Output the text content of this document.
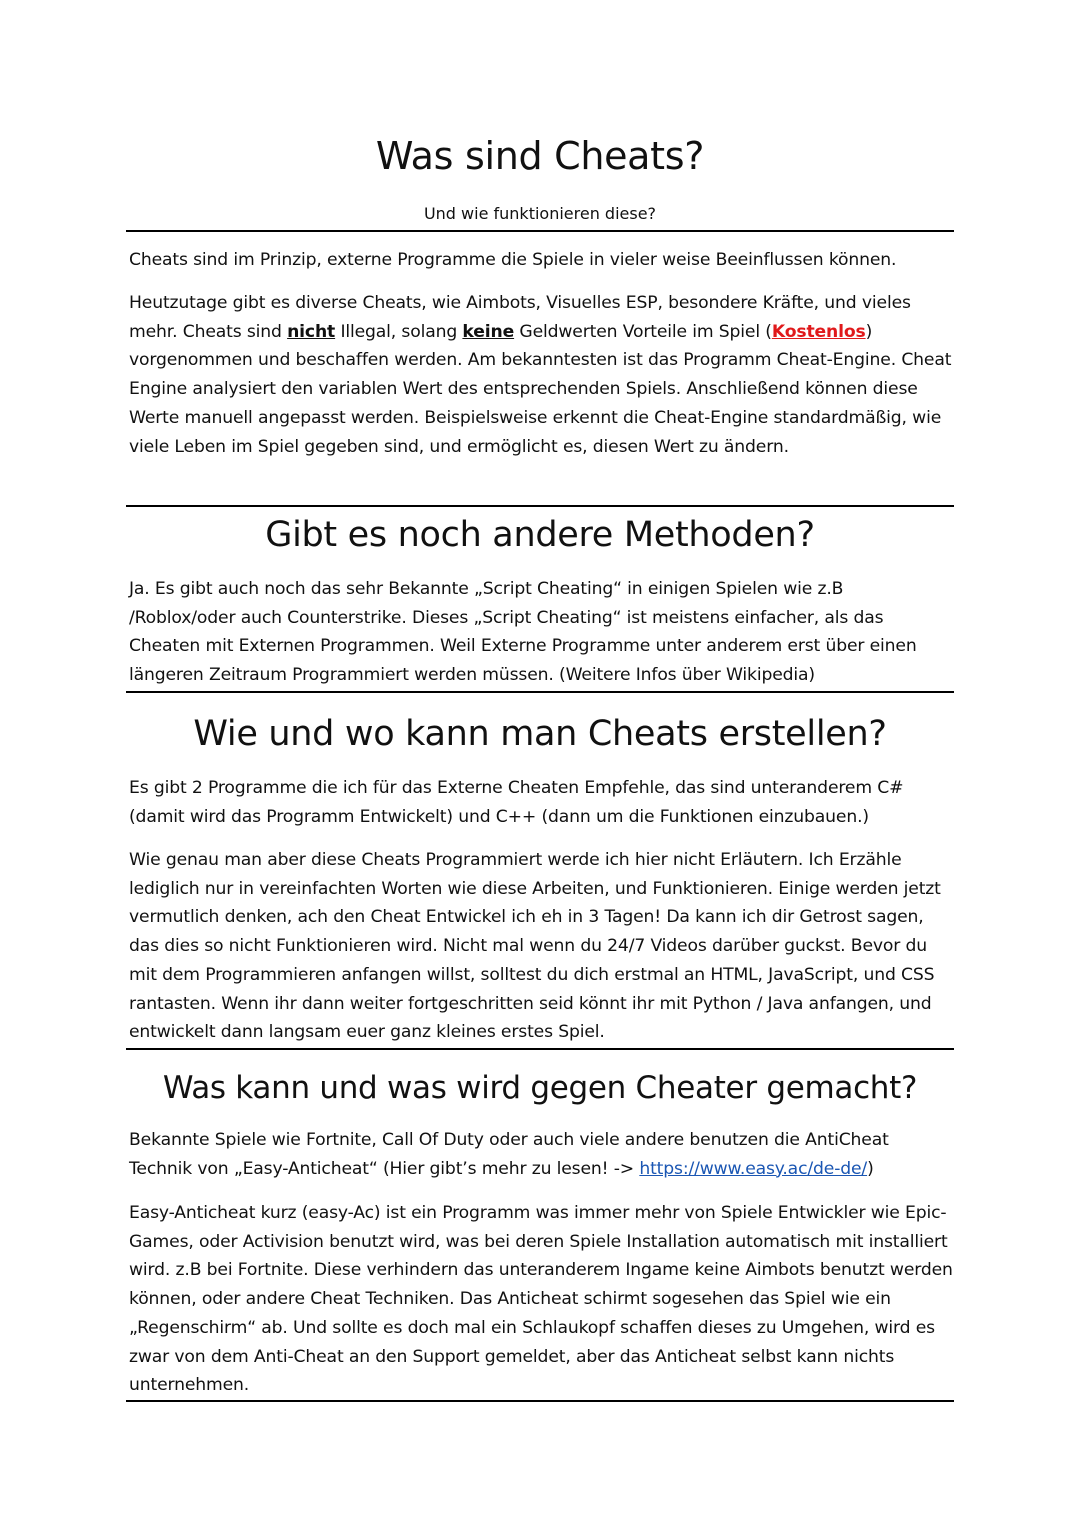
Was sind Cheats?

Und wie funktionieren diese?

Cheats sind im Prinzip, externe Programme die Spiele in vieler weise Beeinflussen können.

Heutzutage gibt es diverse Cheats, wie Aimbots, Visuelles ESP, besondere Kräfte, und vieles mehr. Cheats sind nicht Illegal, solang keine Geldwerten Vorteile im Spiel (Kostenlos) vorgenommen und beschaffen werden. Am bekanntesten ist das Programm Cheat-Engine. Cheat Engine analysiert den variablen Wert des entsprechenden Spiels. Anschließend können diese Werte manuell angepasst werden. Beispielsweise erkennt die Cheat-Engine standardmäßig, wie viele Leben im Spiel gegeben sind, und ermöglicht es, diesen Wert zu ändern.

Gibt es noch andere Methoden?

Ja. Es gibt auch noch das sehr Bekannte „Script Cheating“ in einigen Spielen wie z.B /Roblox/oder auch Counterstrike. Dieses „Script Cheating“ ist meistens einfacher, als das Cheaten mit Externen Programmen. Weil Externe Programme unter anderem erst über einen längeren Zeitraum Programmiert werden müssen. (Weitere Infos über Wikipedia)

Wie und wo kann man Cheats erstellen?

Es gibt 2 Programme die ich für das Externe Cheaten Empfehle, das sind unteranderem C# (damit wird das Programm Entwickelt) und C++ (dann um die Funktionen einzubauen.)

Wie genau man aber diese Cheats Programmiert werde ich hier nicht Erläutern. Ich Erzähle lediglich nur in vereinfachten Worten wie diese Arbeiten, und Funktionieren. Einige werden jetzt vermutlich denken, ach den Cheat Entwickel ich eh in 3 Tagen! Da kann ich dir Getrost sagen, das dies so nicht Funktionieren wird. Nicht mal wenn du 24/7 Videos darüber guckst. Bevor du mit dem Programmieren anfangen willst, solltest du dich erstmal an HTML, JavaScript, und CSS rantasten. Wenn ihr dann weiter fortgeschritten seid könnt ihr mit Python / Java anfangen, und entwickelt dann langsam euer ganz kleines erstes Spiel.

Was kann und was wird gegen Cheater gemacht?

Bekannte Spiele wie Fortnite, Call Of Duty oder auch viele andere benutzen die AntiCheat Technik von „Easy-Anticheat“ (Hier gibt’s mehr zu lesen! -> https://www.easy.ac/de-de/)

Easy-Anticheat kurz (easy-Ac) ist ein Programm was immer mehr von Spiele Entwickler wie Epic-Games, oder Activision benutzt wird, was bei deren Spiele Installation automatisch mit installiert wird. z.B bei Fortnite. Diese verhindern das unteranderem Ingame keine Aimbots benutzt werden können, oder andere Cheat Techniken. Das Anticheat schirmt sogesehen das Spiel wie ein „Regenschirm“ ab. Und sollte es doch mal ein Schlaukopf schaffen dieses zu Umgehen, wird es zwar von dem Anti-Cheat an den Support gemeldet, aber das Anticheat selbst kann nichts unternehmen.
